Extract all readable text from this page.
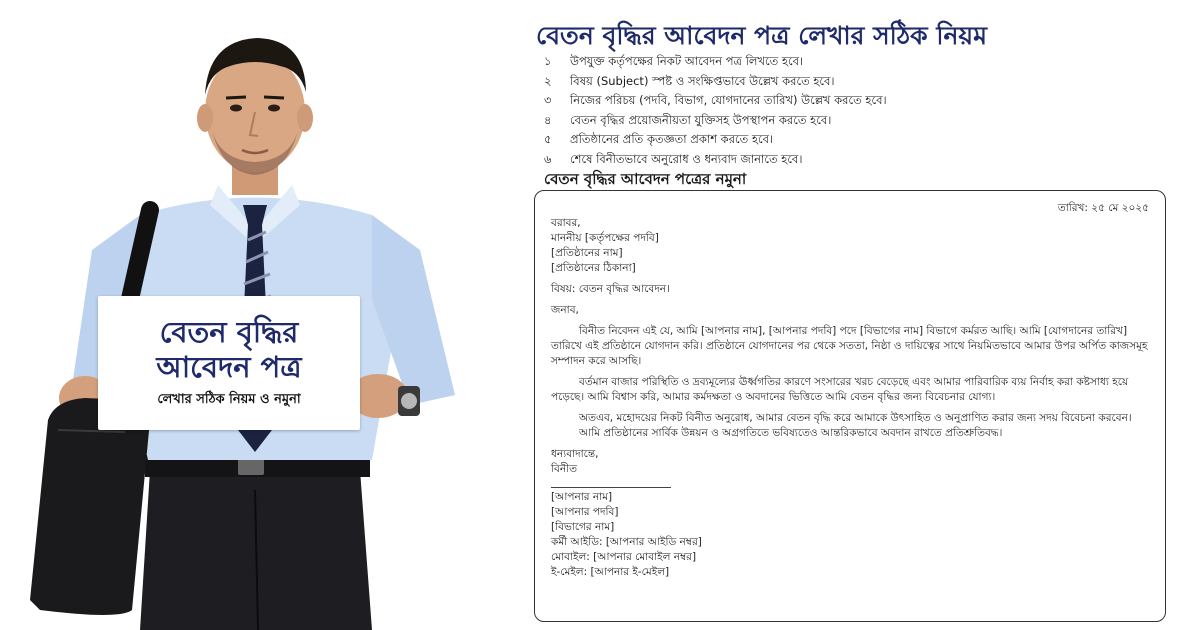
বেতন বৃদ্ধির
আবেদন পত্র
লেখার সঠিক নিয়ম ও নমুনা
বেতন বৃদ্ধির আবেদন পত্র লেখার সঠিক নিয়ম
১	উপযুক্ত কর্তৃপক্ষের নিকট আবেদন পত্র লিখতে হবে।
২	বিষয় (Subject) স্পষ্ট ও সংক্ষিপ্তভাবে উল্লেখ করতে হবে।
৩	নিজের পরিচয় (পদবি, বিভাগ, যোগদানের তারিখ) উল্লেখ করতে হবে।
৪	বেতন বৃদ্ধির প্রয়োজনীয়তা যুক্তিসহ উপস্থাপন করতে হবে।
৫	প্রতিষ্ঠানের প্রতি কৃতজ্ঞতা প্রকাশ করতে হবে।
৬	শেষে বিনীতভাবে অনুরোধ ও ধন্যবাদ জানাতে হবে।
বেতন বৃদ্ধির আবেদন পত্রের নমুনা
তারিখ: ২৫ মে ২০২৫
বরাবর,
মাননীয় [কর্তৃপক্ষের পদবি]
[প্রতিষ্ঠানের নাম]
[প্রতিষ্ঠানের ঠিকানা]
বিষয়: বেতন বৃদ্ধির আবেদন।
জনাব,
বিনীত নিবেদন এই যে, আমি [আপনার নাম], [আপনার পদবি] পদে [বিভাগের নাম] বিভাগে কর্মরত আছি। আমি [যোগদানের তারিখ] তারিখে এই প্রতিষ্ঠানে যোগদান করি। প্রতিষ্ঠানে যোগদানের পর থেকে সততা, নিষ্ঠা ও দায়িত্বের সাথে নিয়মিতভাবে আমার উপর অর্পিত কাজসমূহ সম্পাদন করে আসছি।
বর্তমান বাজার পরিস্থিতি ও দ্রব্যমূল্যের ঊর্ধ্বগতির কারণে সংসারের খরচ বেড়েছে এবং আমার পারিবারিক ব্যয় নির্বাহ করা কষ্টসাধ্য হয়ে পড়েছে। আমি বিশ্বাস করি, আমার কর্মদক্ষতা ও অবদানের ভিত্তিতে আমি বেতন বৃদ্ধির জন্য বিবেচনার যোগ্য।
অতএব, মহোদয়ের নিকট বিনীত অনুরোধ, আমার বেতন বৃদ্ধি করে আমাকে উৎসাহিত ও অনুপ্রাণিত করার জন্য সদয় বিবেচনা করবেন।
আমি প্রতিষ্ঠানের সার্বিক উন্নয়ন ও অগ্রগতিতে ভবিষ্যতেও আন্তরিকভাবে অবদান রাখতে প্রতিশ্রুতিবদ্ধ।
ধন্যবাদান্তে,
বিনীত
[আপনার নাম]
[আপনার পদবি]
[বিভাগের নাম]
কর্মী আইডি: [আপনার আইডি নম্বর]
মোবাইল: [আপনার মোবাইল নম্বর]
ই-মেইল: [আপনার ই-মেইল]
